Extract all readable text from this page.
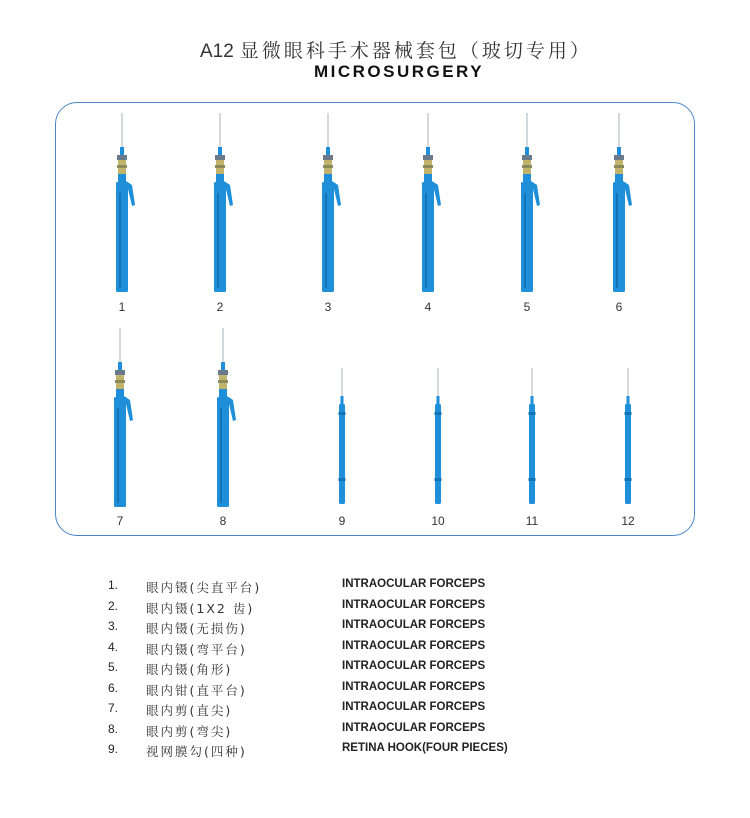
A12 显微眼科手术器械套包（玻切专用）
MICROSURGERY
1	2	3	4	5	6
7	8	9	10	11	12
1. 眼内镊(尖直平台)	INTRAOCULAR FORCEPS
2. 眼内镊(1X2 齿)	INTRAOCULAR FORCEPS
3. 眼内镊(无损伤)	INTRAOCULAR FORCEPS
4. 眼内镊(弯平台)	INTRAOCULAR FORCEPS
5. 眼内镊(角形)	INTRAOCULAR FORCEPS
6. 眼内钳(直平台)	INTRAOCULAR FORCEPS
7. 眼内剪(直尖)	INTRAOCULAR FORCEPS
8. 眼内剪(弯尖)	INTRAOCULAR FORCEPS
9. 视网膜勾(四种)	RETINA HOOK(FOUR PIECES)
